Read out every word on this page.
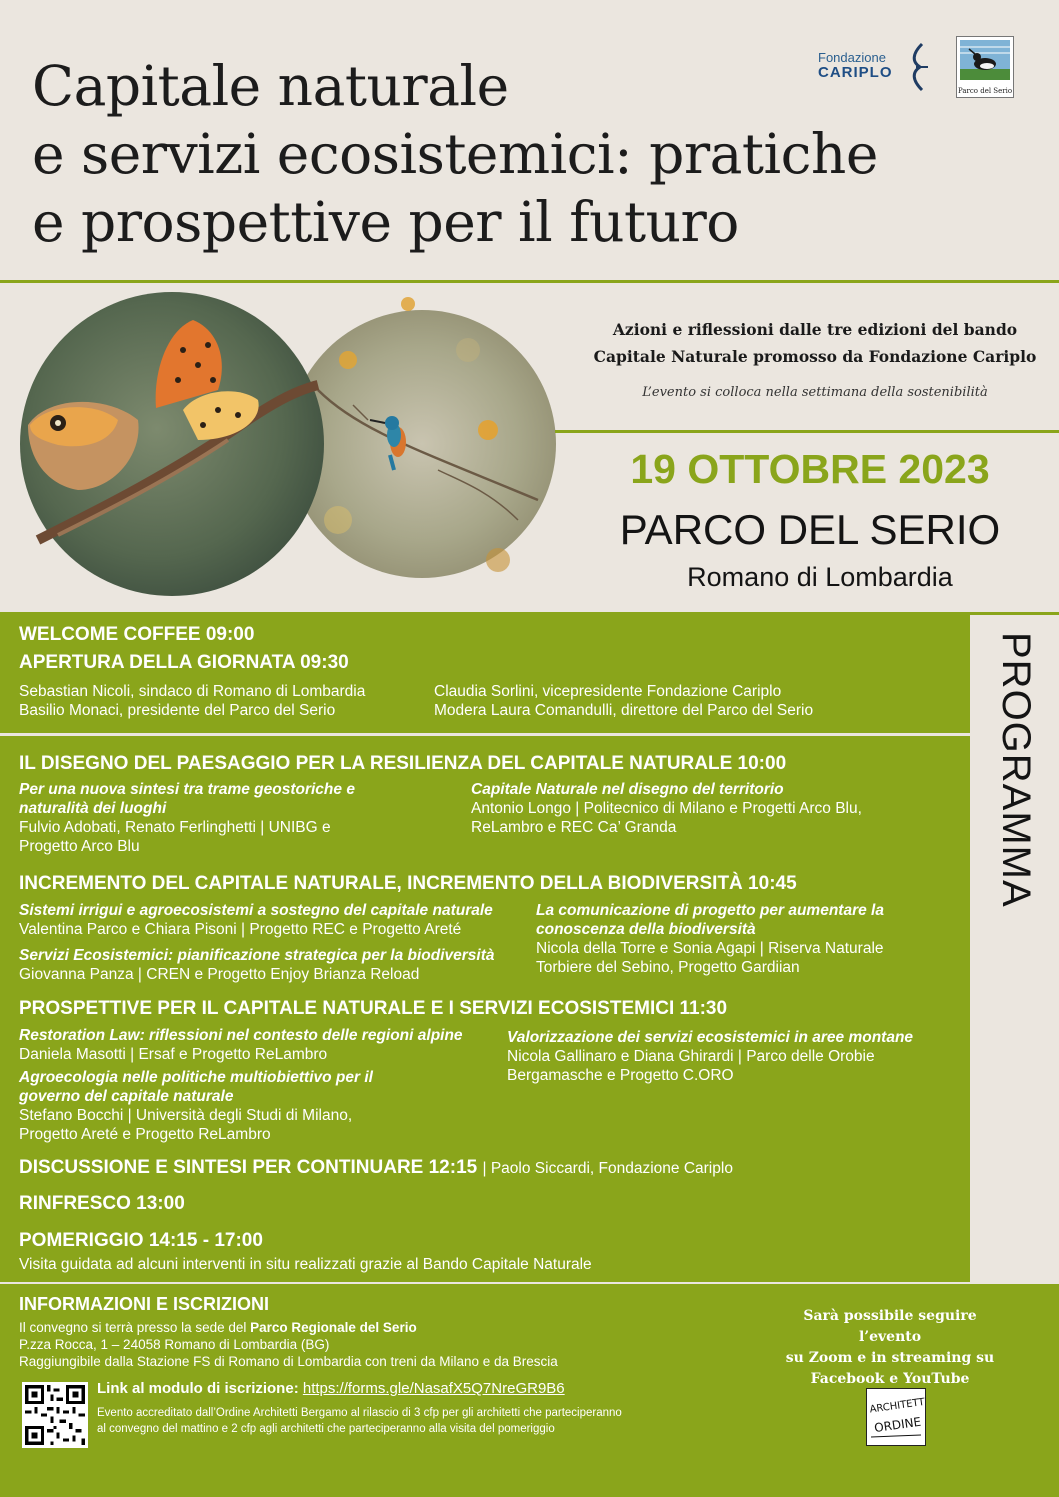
Capitale naturale
e servizi ecosistemici: pratiche
e prospettive per il futuro
Fondazione
CARIPLO
Parco del Serio
Azioni e riflessioni dalle tre edizioni del bando
Capitale Naturale promosso da Fondazione Cariplo
L’evento si colloca nella settimana della sostenibilità
19 OTTOBRE 2023
PARCO DEL SERIO
Romano di Lombardia
PROGRAMMA
WELCOME COFFEE 09:00
APERTURA DELLA GIORNATA 09:30
Sebastian Nicoli, sindaco di Romano di Lombardia
Basilio Monaci, presidente del Parco del Serio
Claudia Sorlini, vicepresidente Fondazione Cariplo
Modera Laura Comandulli, direttore del Parco del Serio
IL DISEGNO DEL PAESAGGIO PER LA RESILIENZA DEL CAPITALE NATURALE 10:00
Per una nuova sintesi tra trame geostoriche e
naturalità dei luoghi
Fulvio Adobati, Renato Ferlinghetti | UNIBG e
Progetto Arco Blu
Capitale Naturale nel disegno del territorio
Antonio Longo | Politecnico di Milano e Progetti Arco Blu,
ReLambro e REC Ca’ Granda
INCREMENTO DEL CAPITALE NATURALE, INCREMENTO DELLA BIODIVERSITÀ 10:45
Sistemi irrigui e agroecosistemi a sostegno del capitale naturale
Valentina Parco e Chiara Pisoni | Progetto REC e Progetto Areté
Servizi Ecosistemici: pianificazione strategica per la biodiversità
Giovanna Panza | CREN e Progetto Enjoy Brianza Reload
La comunicazione di progetto per aumentare la
conoscenza della biodiversità
Nicola della Torre e Sonia Agapi | Riserva Naturale
Torbiere del Sebino, Progetto Gardiian
PROSPETTIVE PER IL CAPITALE NATURALE E I SERVIZI ECOSISTEMICI 11:30
Restoration Law: riflessioni nel contesto delle regioni alpine
Daniela Masotti | Ersaf e Progetto ReLambro
Agroecologia nelle politiche multiobiettivo per il
governo del capitale naturale
Stefano Bocchi | Università degli Studi di Milano,
Progetto Areté e Progetto ReLambro
Valorizzazione dei servizi ecosistemici in aree montane
Nicola Gallinaro e Diana Ghirardi | Parco delle Orobie
Bergamasche e Progetto C.ORO
DISCUSSIONE E SINTESI PER CONTINUARE 12:15 | Paolo Siccardi, Fondazione Cariplo
RINFRESCO 13:00
POMERIGGIO 14:15 - 17:00
Visita guidata ad alcuni interventi in situ realizzati grazie al Bando Capitale Naturale
INFORMAZIONI E ISCRIZIONI
Il convegno si terrà presso la sede del Parco Regionale del Serio
P.zza Rocca, 1 – 24058 Romano di Lombardia (BG)
Raggiungibile dalla Stazione FS di Romano di Lombardia con treni da Milano e da Brescia
Link al modulo di iscrizione: https://forms.gle/NasafX5Q7NreGR9B6
Evento accreditato dall’Ordine Architetti Bergamo al rilascio di 3 cfp per gli architetti che parteciperanno
al convegno del mattino e 2 cfp agli architetti che parteciperanno alla visita del pomeriggio
Sarà possibile seguire l’evento
su Zoom e in streaming su
Facebook e YouTube
ARCHITETTI
ORDINE
